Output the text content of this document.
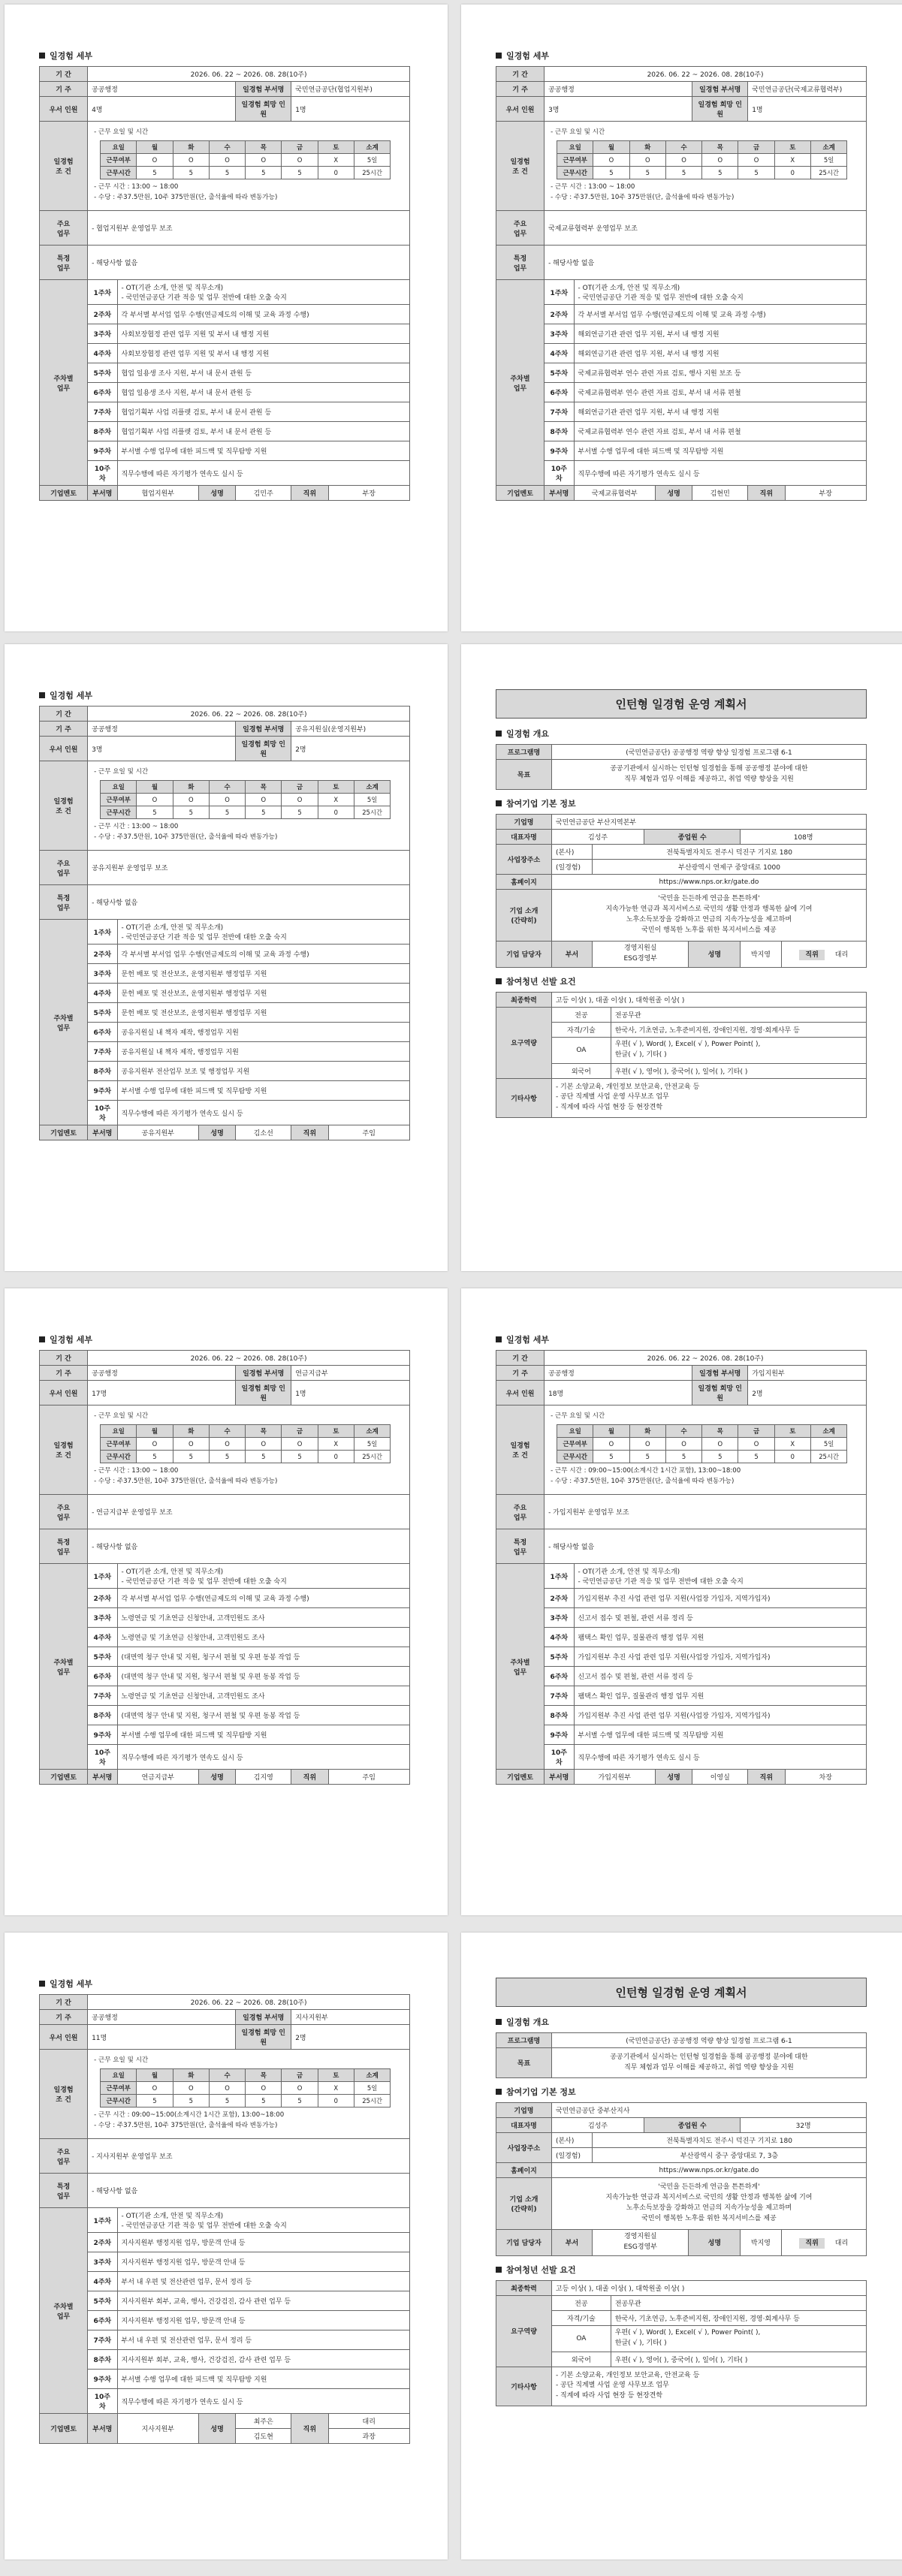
일경험 세부
기 간	2026. 06. 22 ~ 2026. 08. 28(10주)
기 주	공공행정	일경험 부서명	국민연금공단(협업지원부)
우서 인원	4명	일경험 희망 인원	1명
일경험
조 건	
- 근무 요일 및 시간
요일	월	화	수	목	금	토	소계
근무여부	O	O	O	O	O	X	5일
근무시간	5	5	5	5	5	0	25시간
- 근무 시간 : 13:00 ~ 18:00
- 수당 : 주37.5만원, 10주 375만원(단, 출석율에 따라 변동가능)

주요
업무	- 협업지원부 운영업무 보조
특정
업무	- 해당사항 없음
주차별
업무	1주차	
- OT(기관 소개, 안전 및 직무소개)
- 국민연금공단 기관 적응 및 업무 전반에 대한 오출 숙지

2주차	각 부서별 부서업 업무 수행(연금제도의 이해 및 교육 과정 수행)
3주차	사회보장협정 관련 업무 지원 및 부서 내 행정 지원
4주차	사회보장협정 관련 업무 지원 및 부서 내 행정 지원
5주차	협업 일용생 조사 지원, 부서 내 문서 관원 등
6주차	협업 일용생 조사 지원, 부서 내 문서 관원 등
7주차	협업기획부 사업 리플렛 검토, 부서 내 문서 관원 등
8주차	협업기획부 사업 리플렛 검토, 부서 내 문서 관원 등
9주차	부서별 수행 업무에 대한 피드백 및 직무탐방 지원
10주차	직무수행에 따른 자기평가 연속도 실시 등
기업멘토	부서명	협업지원부	성명	김민주	직위	부장
일경험 세부
기 간	2026. 06. 22 ~ 2026. 08. 28(10주)
기 주	공공행정	일경험 부서명	국민연금공단(국제교류협력부)
우서 인원	3명	일경험 희망 인원	1명
일경험
조 건	
- 근무 요일 및 시간
요일	월	화	수	목	금	토	소계
근무여부	O	O	O	O	O	X	5일
근무시간	5	5	5	5	5	0	25시간
- 근무 시간 : 13:00 ~ 18:00
- 수당 : 주37.5만원, 10주 375만원(단, 출석율에 따라 변동가능)

주요
업무	국제교류협력부 운영업무 보조
특정
업무	- 해당사항 없음
주차별
업무	1주차	
- OT(기관 소개, 안전 및 직무소개)
- 국민연금공단 기관 적응 및 업무 전반에 대한 오출 숙지

2주차	각 부서별 부서업 업무 수행(연금제도의 이해 및 교육 과정 수행)
3주차	해외연금기관 관련 업무 지원, 부서 내 행정 지원
4주차	해외연금기관 관련 업무 지원, 부서 내 행정 지원
5주차	국제교류협력부 연수 관련 자료 검토, 행사 지원 보조 등
6주차	국제교류협력부 연수 관련 자료 검토, 부서 내 서류 편철
7주차	해외연금기관 관련 업무 지원, 부서 내 행정 지원
8주차	국제교류협력부 연수 관련 자료 검토, 부서 내 서류 편철
9주차	부서별 수행 업무에 대한 피드백 및 직무탐방 지원
10주차	직무수행에 따른 자기평가 연속도 실시 등
기업멘토	부서명	국제교류협력부	성명	김현민	직위	부장
일경험 세부
기 간	2026. 06. 22 ~ 2026. 08. 28(10주)
기 주	공공행정	일경험 부서명	공유지원실(운영지원부)
우서 인원	3명	일경험 희망 인원	2명
일경험
조 건	
- 근무 요일 및 시간
요일	월	화	수	목	금	토	소계
근무여부	O	O	O	O	O	X	5일
근무시간	5	5	5	5	5	0	25시간
- 근무 시간 : 13:00 ~ 18:00
- 수당 : 주37.5만원, 10주 375만원(단, 출석율에 따라 변동가능)

주요
업무	공유지원부 운영업무 보조
특정
업무	- 해당사항 없음
주차별
업무	1주차	
- OT(기관 소개, 안전 및 직무소개)
- 국민연금공단 기관 적응 및 업무 전반에 대한 오출 숙지

2주차	각 부서별 부서업 업무 수행(연금제도의 이해 및 교육 과정 수행)
3주차	문헌 배포 및 전산보조, 운영지원부 행정업무 지원
4주차	문헌 배포 및 전산보조, 운영지원부 행정업무 지원
5주차	문헌 배포 및 전산보조, 운영지원부 행정업무 지원
6주차	공유지원실 내 책자 제작, 행정업무 지원
7주차	공유지원실 내 책자 제작, 행정업무 지원
8주차	공유지원부 전산업무 보조 및 행정업무 지원
9주차	부서별 수행 업무에 대한 피드백 및 직무탐방 지원
10주차	직무수행에 따른 자기평가 연속도 실시 등
기업멘토	부서명	공유지원부	성명	김소선	직위	주임
인턴형 일경험 운영 계획서
일경험 개요
프로그램명	(국민연금공단) 공공행정 역량 향상 일경험 프로그램 6-1
목표	공공기관에서 실시하는 인턴형 일경험을 통해 공공행정 분야에 대한
직무 체험과 업무 이해를 제공하고, 취업 역량 향상을 지원
참여기업 기본 정보
기업명	국민연금공단 부산지역본부					
대표자명	김성주		종업원 수		108명	
사업장주소	(본사)	전북특별자치도 전주시 덕진구 기지로 180				
	(일경험)	부산광역시 연제구 중앙대로 1000				
홈페이지	https://www.nps.or.kr/gate.do					
기업 소개
(간략히)	'국민을 든든하게 연금을 튼튼하게'
지속가능한 연금과 복지서비스로 국민의 생활 안정과 행복한 삶에 기여
노후소득보장을 강화하고 연금의 지속가능성을 제고하며
국민이 행복한 노후를 위한 복지서비스를 제공					
기업 담당자	부서	경영지원실
ESG경영부		성명	박지영	직위 대리
참여청년 선발 요건
최종학력	고등 이상( ), 대졸 이상( ), 대학원졸 이상( )	
요구역량	전공	전공무관
	자격/기술	한국사, 기초연금, 노후준비지원, 장애인지원, 경영·회계사무 등
	OA	우편( √ ), Word( ), Excel( √ ), Power Point( ),
한글( √ ), 기타( )
	외국어	우편( √ ), 영어( ), 중국어( ), 일어( ), 기타( )
기타사항	- 기본 소양교육, 개인정보 보안교육, 안전교육 등
- 공단 직계별 사업 운영 사무보조 업무
- 직계에 따라 사업 현장 등 현장견학	
일경험 세부
기 간	2026. 06. 22 ~ 2026. 08. 28(10주)
기 주	공공행정	일경험 부서명	연금지급부
우서 인원	17명	일경험 희망 인원	1명
일경험
조 건	
- 근무 요일 및 시간
요일	월	화	수	목	금	토	소계
근무여부	O	O	O	O	O	X	5일
근무시간	5	5	5	5	5	0	25시간
- 근무 시간 : 13:00 ~ 18:00
- 수당 : 주37.5만원, 10주 375만원(단, 출석율에 따라 변동가능)

주요
업무	- 연금지급부 운영업무 보조
특정
업무	- 해당사항 없음
주차별
업무	1주차	
- OT(기관 소개, 안전 및 직무소개)
- 국민연금공단 기관 적응 및 업무 전반에 대한 오출 숙지

2주차	각 부서별 부서업 업무 수행(연금제도의 이해 및 교육 과정 수행)
3주차	노령연금 및 기초연금 신청안내, 고객민원도 조사
4주차	노령연금 및 기초연금 신청안내, 고객민원도 조사
5주차	(대면역 청구 안내 및 지원, 청구서 편철 및 우편 동봉 작업 등
6주차	(대면역 청구 안내 및 지원, 청구서 편철 및 우편 동봉 작업 등
7주차	노령연금 및 기초연금 신청안내, 고객민원도 조사
8주차	(대면역 청구 안내 및 지원, 청구서 편철 및 우편 동봉 작업 등
9주차	부서별 수행 업무에 대한 피드백 및 직무탐방 지원
10주차	직무수행에 따른 자기평가 연속도 실시 등
기업멘토	부서명	연금지급부	성명	김지영	직위	주임
일경험 세부
기 간	2026. 06. 22 ~ 2026. 08. 28(10주)
기 주	공공행정	일경험 부서명	가입지원부
우서 인원	18명	일경험 희망 인원	2명
일경험
조 건	
- 근무 요일 및 시간
요일	월	화	수	목	금	토	소계
근무여부	O	O	O	O	O	X	5일
근무시간	5	5	5	5	5	0	25시간
- 근무 시간 : 09:00~15:00(소계시간 1시간 포함), 13:00~18:00
- 수당 : 주37.5만원, 10주 375만원(단, 출석율에 따라 변동가능)

주요
업무	- 가입지원부 운영업무 보조
특정
업무	- 해당사항 없음
주차별
업무	1주차	
- OT(기관 소개, 안전 및 직무소개)
- 국민연금공단 기관 적응 및 업무 전반에 대한 오출 숙지

2주차	가입지원부 추진 사업 관련 업무 지원(사업장 가입자, 지역가입자)
3주차	신고서 접수 및 편철, 관련 서류 정리 등
4주차	팸택스 확인 업무, 질물관리 행정 업무 지원
5주차	가입지원부 추진 사업 관련 업무 지원(사업장 가입자, 지역가입자)
6주차	신고서 접수 및 편철, 관련 서류 정리 등
7주차	팸택스 확인 업무, 질물관리 행정 업무 지원
8주차	가입지원부 추진 사업 관련 업무 지원(사업장 가입자, 지역가입자)
9주차	부서별 수행 업무에 대한 피드백 및 직무탐방 지원
10주차	직무수행에 따른 자기평가 연속도 실시 등
기업멘토	부서명	가입지원부	성명	이영실	직위	차장
일경험 세부
기 간	2026. 06. 22 ~ 2026. 08. 28(10주)
기 주	공공행정	일경험 부서명	지사지원부
우서 인원	11명	일경험 희망 인원	2명
일경험
조 건	
- 근무 요일 및 시간
요일	월	화	수	목	금	토	소계
근무여부	O	O	O	O	O	X	5일
근무시간	5	5	5	5	5	0	25시간
- 근무 시간 : 09:00~15:00(소계시간 1시간 포함), 13:00~18:00
- 수당 : 주37.5만원, 10주 375만원(단, 출석율에 따라 변동가능)

주요
업무	- 지사지원부 운영업무 보조
특정
업무	- 해당사항 없음
주차별
업무	1주차	
- OT(기관 소개, 안전 및 직무소개)
- 국민연금공단 기관 적응 및 업무 전반에 대한 오출 숙지

2주차	지사지원부 행정지원 업무, 방문객 안내 등
3주차	지사지원부 행정지원 업무, 방문객 안내 등
4주차	부서 내 우편 및 전산관련 업무, 문서 정리 등
5주차	지사지원부 회부, 교육, 행사, 건강검진, 감사 관련 업무 등
6주차	지사지원부 행정지원 업무, 방문객 안내 등
7주차	부서 내 우편 및 전산관련 업무, 문서 정리 등
8주차	지사지원부 회부, 교육, 행사, 건강검진, 감사 관련 업무 등
9주차	부서별 수행 업무에 대한 피드백 및 직무탐방 지원
10주차	직무수행에 따른 자기평가 연속도 실시 등
기업멘토	부서명	지사지원부	성명	최주은	직위	대리
김도현	과장
인턴형 일경험 운영 계획서
일경험 개요
프로그램명	(국민연금공단) 공공행정 역량 향상 일경험 프로그램 6-1
목표	공공기관에서 실시하는 인턴형 일경험을 통해 공공행정 분야에 대한
직무 체험과 업무 이해를 제공하고, 취업 역량 향상을 지원
참여기업 기본 정보
기업명	국민연금공단 중부산지사					
대표자명	김성주		종업원 수		32명	
사업장주소	(본사)	전북특별자치도 전주시 덕진구 기지로 180				
	(일경험)	부산광역시 중구 중앙대로 7, 3층				
홈페이지	https://www.nps.or.kr/gate.do					
기업 소개
(간략히)	'국민을 든든하게 연금을 튼튼하게'
지속가능한 연금과 복지서비스로 국민의 생활 안정과 행복한 삶에 기여
노후소득보장을 강화하고 연금의 지속가능성을 제고하며
국민이 행복한 노후를 위한 복지서비스를 제공					
기업 담당자	부서	경영지원실
ESG경영부		성명	박지영	직위 대리
참여청년 선발 요건
최종학력	고등 이상( ), 대졸 이상( ), 대학원졸 이상( )	
요구역량	전공	전공무관
	자격/기술	한국사, 기초연금, 노후준비지원, 장애인지원, 경영·회계사무 등
	OA	우편( √ ), Word( ), Excel( √ ), Power Point( ),
한글( √ ), 기타( )
	외국어	우편( √ ), 영어( ), 중국어( ), 일어( ), 기타( )
기타사항	- 기본 소양교육, 개인정보 보안교육, 안전교육 등
- 공단 직계별 사업 운영 사무보조 업무
- 직계에 따라 사업 현장 등 현장견학	
